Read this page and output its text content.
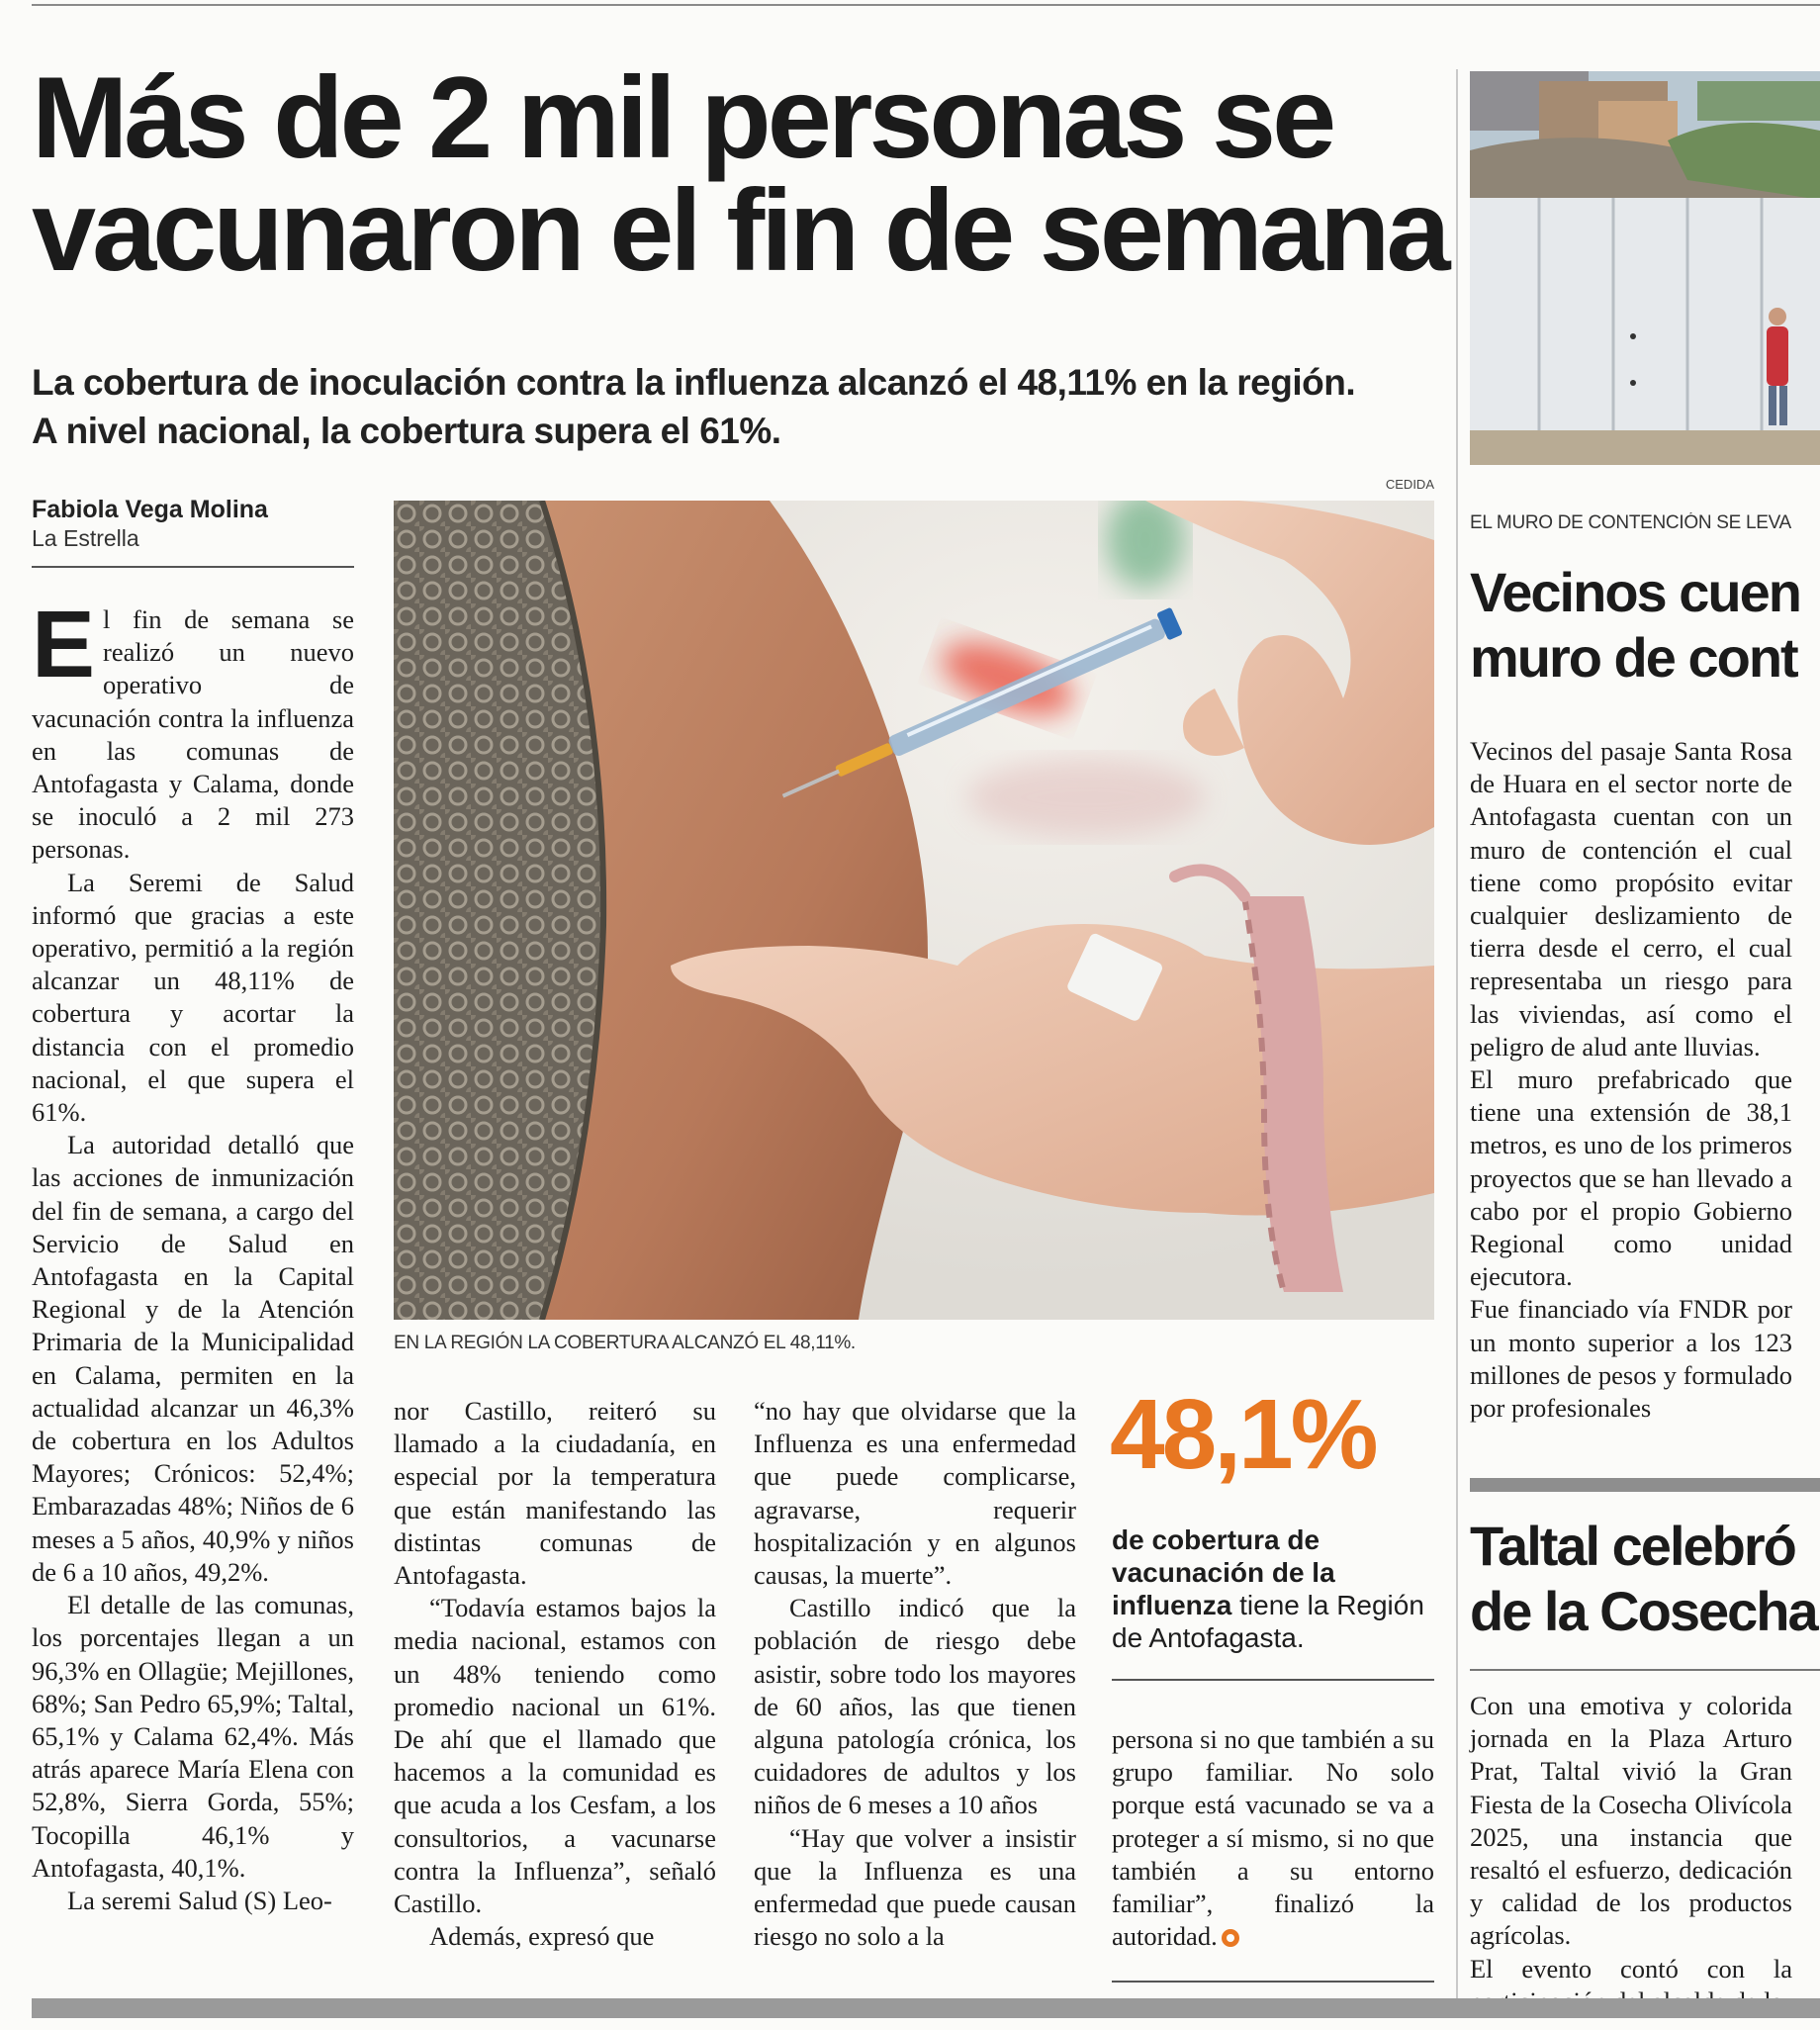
Más de 2 mil personas se
vacunaron el fin de semana
La cobertura de inoculación contra la influenza alcanzó el 48,11% en la región.
A nivel nacional, la cobertura supera el 61%.
CEDIDA
Fabiola Vega Molina
La Estrella

El fin de semana se realizó un nuevo operativo de vacunación contra la influenza en las comunas de Antofagasta y Calama, donde se inoculó a 2 mil 273 personas.

La Seremi de Salud informó que gracias a este operativo, permitió a la región alcanzar un 48,11% de cobertura y acortar la distancia con el promedio nacional, el que supera el 61%.

La autoridad detalló que las acciones de inmunización del fin de semana, a cargo del Servicio de Salud en Antofagasta en la Capital Regional y de la Atención Primaria de la Municipalidad en Calama, permiten en la actualidad alcanzar un 46,3% de cobertura en los Adultos Mayores; Crónicos: 52,4%; Embarazadas 48%; Niños de 6 meses a 5 años, 40,9% y niños de 6 a 10 años, 49,2%.

El detalle de las comunas, los porcentajes llegan a un 96,3% en Ollagüe; Mejillones, 68%; San Pedro 65,9%; Taltal, 65,1% y Calama 62,4%. Más atrás aparece María Elena con 52,8%, Sierra Gorda, 55%; Tocopilla 46,1% y Antofagasta, 40,1%.

La seremi Salud (S) Leo-

EN LA REGIÓN LA COBERTURA ALCANZÓ EL 48,11%.

nor Castillo, reiteró su llamado a la ciudadanía, en especial por la temperatura que están manifestando las distintas comunas de Antofagasta.

“Todavía estamos bajos la media nacional, estamos con un 48% teniendo como promedio nacional un 61%. De ahí que el llamado que hacemos a la comunidad es que acuda a los Cesfam, a los consultorios, a vacunarse contra la Influenza”, señaló Castillo.

Además, expresó que

“no hay que olvidarse que la Influenza es una enfermedad que puede complicarse, agravarse, requerir hospitalización y en algunos causas, la muerte”.

Castillo indicó que la población de riesgo debe asistir, sobre todo los mayores de 60 años, las que tienen alguna patología crónica, los cuidadores de adultos y los niños de 6 meses a 10 años

“Hay que volver a insistir que la Influenza es una enfermedad que puede causan riesgo no solo a la

48,1%
de cobertura de vacunación de la influenza tiene la Región de Antofagasta.

persona si no que también a su grupo familiar. No solo porque está vacunado se va a proteger a sí mismo, si no que también a su entorno familiar”, finalizó la autoridad.

EL MURO DE CONTENCIÓN SE LEVA
Vecinos cuen
muro de cont

Vecinos del pasaje Santa Rosa de Huara en el sector norte de Antofagasta cuentan con un muro de contención el cual tiene como propósito evitar cualquier deslizamiento de tierra desde el cerro, el cual representaba un riesgo para las viviendas, así como el peligro de alud ante lluvias.

El muro prefabricado que tiene una extensión de 38,1 metros, es uno de los primeros proyectos que se han llevado a cabo por el propio Gobierno Regional como unidad ejecutora.

Fue financiado vía FNDR por un monto superior a los 123 millones de pesos y formulado por profesionales

Taltal celebró
de la Cosecha

Con una emotiva y colorida jornada en la Plaza Arturo Prat, Taltal vivió la Gran Fiesta de la Cosecha Olivícola 2025, una instancia que resaltó el esfuerzo, dedicación y calidad de los productos agrícolas.

El evento contó con la
